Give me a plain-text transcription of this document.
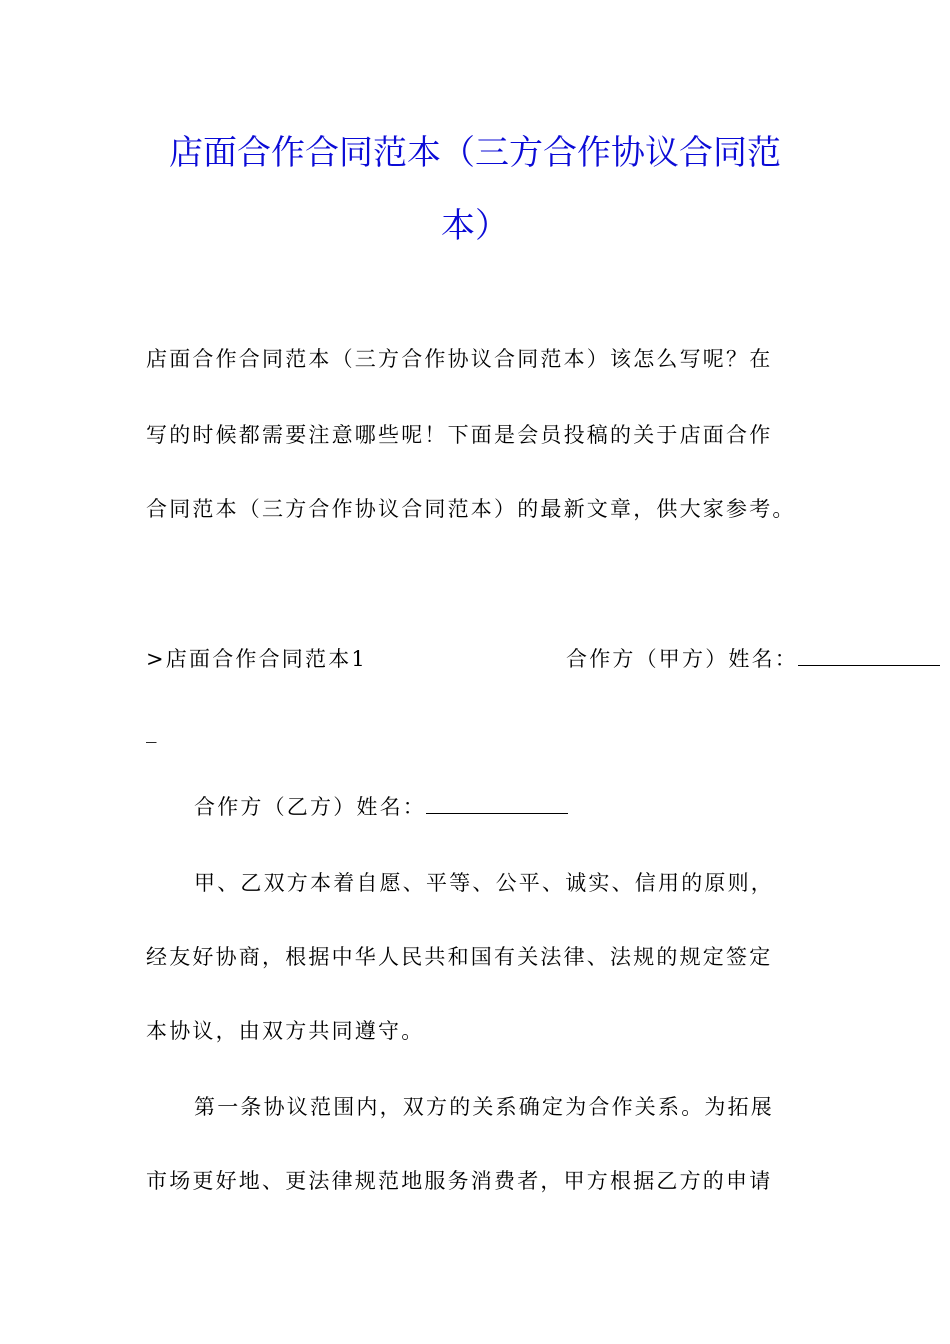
店面合作合同范本（三方合作协议合同范
本）
店面合作合同范本（三方合作协议合同范本）该怎么写呢？在
写的时候都需要注意哪些呢！下面是会员投稿的关于店面合作
合同范本（三方合作协议合同范本）的最新文章，供大家参考。
>店面合作合同范本1	合作方（甲方）姓名：
_
合作方（乙方）姓名：
甲、乙双方本着自愿、平等、公平、诚实、信用的原则，
经友好协商，根据中华人民共和国有关法律、法规的规定签定
本协议，由双方共同遵守。
第一条协议范围内，双方的关系确定为合作关系。为拓展
市场更好地、更法律规范地服务消费者，甲方根据乙方的申请
